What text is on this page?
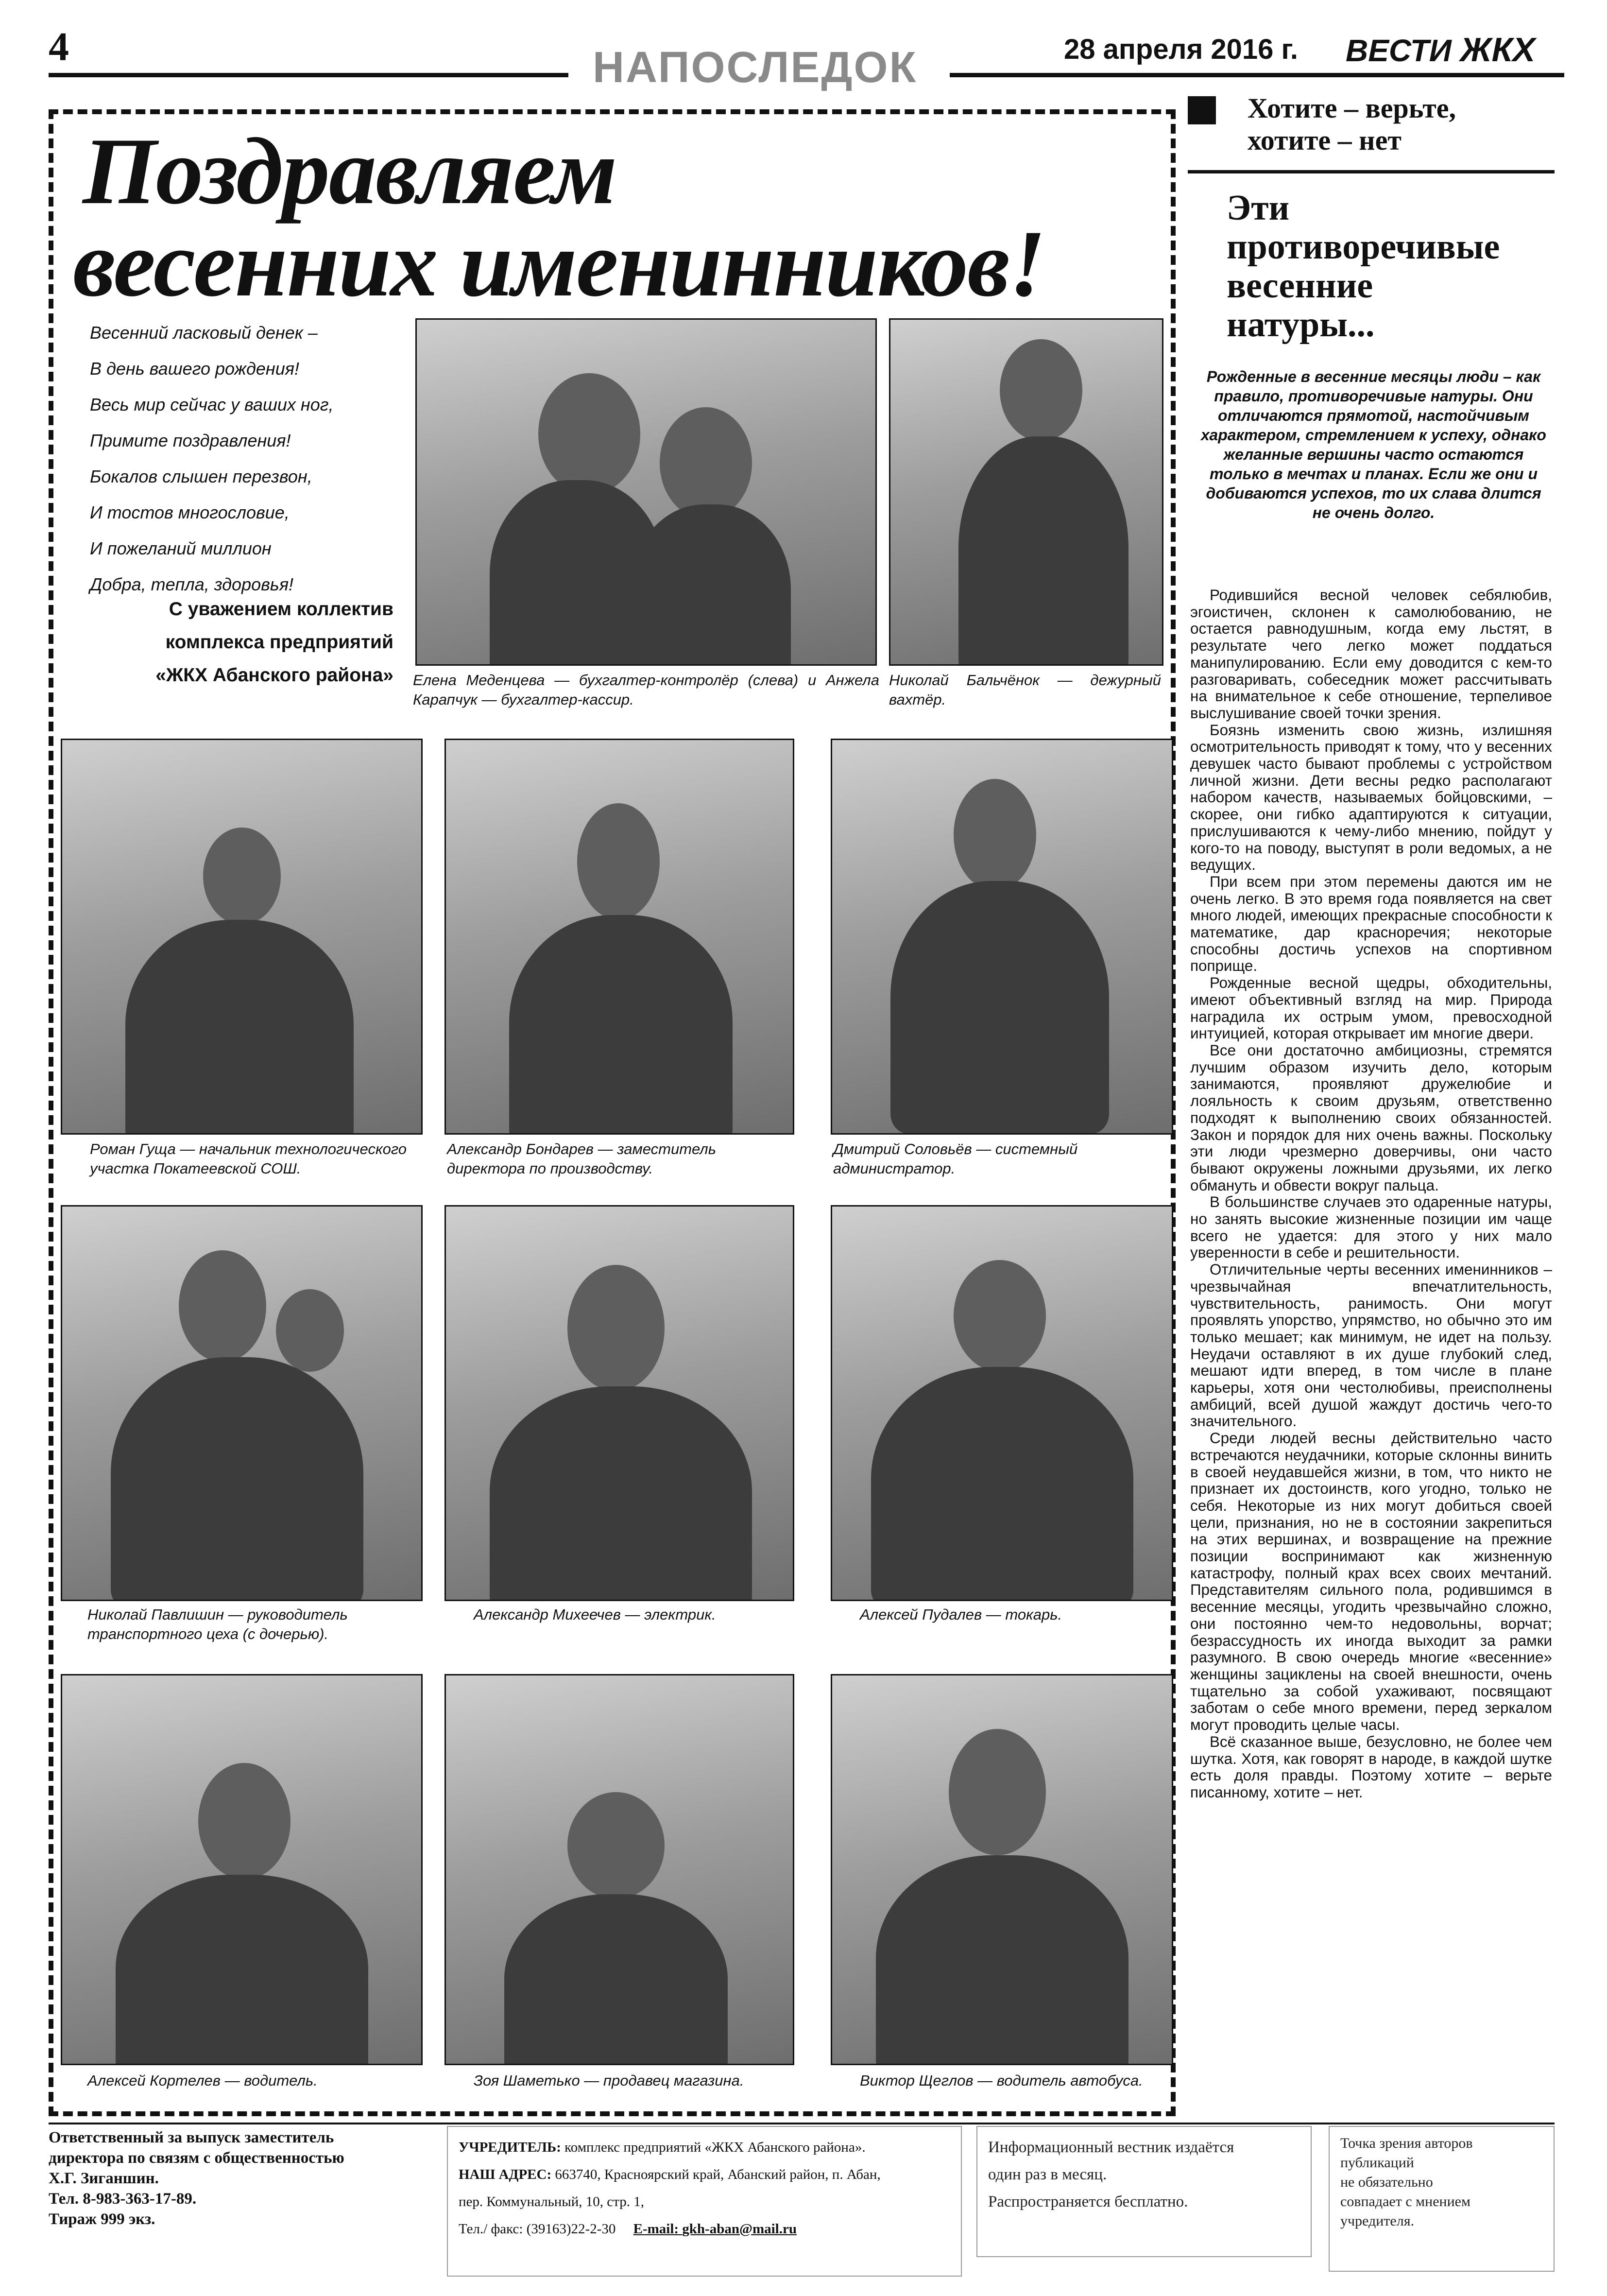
4	НАПОСЛЕДОК	28 апреля 2016 г. ВЕСТИ ЖКХ
Поздравляем
весенних именинников!
Весенний ласковый денек –
В день вашего рождения!
Весь мир сейчас у ваших ног,
Примите поздравления!
Бокалов слышен перезвон,
И тостов многословие,
И пожеланий миллион
Добра, тепла, здоровья!
С уважением коллектив
комплекса предприятий
«ЖКХ Абанского района» Елена Меденцева — бухгалтер-контролёр (слева) и Анжела Карапчук — бухгалтер-кассир.
Николай Бальчёнок — дежурный вахтёр.
Роман Гуща — начальник технологического участка Покатеевской СОШ.
Александр Бондарев — заместитель директора по производству.
Дмитрий Соловьёв — системный администратор.
Николай Павлишин — руководитель транспортного цеха (с дочерью).
Александр Михеечев — электрик.	Алексей Пудалев — токарь.
Алексей Кортелев — водитель.	Зоя Шаметько — продавец магазина.	Виктор Щеглов — водитель автобуса.
Хотите – верьте, хотите – нет
Эти противоречивые весенние натуры...
Рожденные в весенние месяцы люди – как правило, противоречивые натуры. Они отличаются прямотой, настойчивым характером, стремлением к успеху, однако желанные вершины часто остаются только в мечтах и планах. Если же они и добиваются успехов, то их слава длится не очень долго.

Родившийся весной человек себялюбив, эгоистичен, склонен к самолюбованию, не остается равнодушным, когда ему льстят, в результате чего легко может поддаться манипулированию. Если ему доводится с кем-то разговаривать, собеседник может рассчитывать на внимательное к себе отношение, терпеливое выслушивание своей точки зрения.

Боязнь изменить свою жизнь, излишняя осмотрительность приводят к тому, что у весенних девушек часто бывают проблемы с устройством личной жизни. Дети весны редко располагают набором качеств, называемых бойцовскими, – скорее, они гибко адаптируются к ситуации, прислушиваются к чему-либо мнению, пойдут у кого-то на поводу, выступят в роли ведомых, а не ведущих.

При всем при этом перемены даются им не очень легко. В это время года появляется на свет много людей, имеющих прекрасные способности к математике, дар красноречия; некоторые способны достичь успехов на спортивном поприще.

Рожденные весной щедры, обходительны, имеют объективный взгляд на мир. Природа наградила их острым умом, превосходной интуицией, которая открывает им многие двери.

Все они достаточно амбициозны, стремятся лучшим образом изучить дело, которым занимаются, проявляют дружелюбие и лояльность к своим друзьям, ответственно подходят к выполнению своих обязанностей. Закон и порядок для них очень важны. Поскольку эти люди чрезмерно доверчивы, они часто бывают окружены ложными друзьями, их легко обмануть и обвести вокруг пальца.

В большинстве случаев это одаренные натуры, но занять высокие жизненные позиции им чаще всего не удается: для этого у них мало уверенности в себе и решительности.

Отличительные черты весенних именинников – чрезвычайная впечатлительность, чувствительность, ранимость. Они могут проявлять упорство, упрямство, но обычно это им только мешает; как минимум, не идет на пользу. Неудачи оставляют в их душе глубокий след, мешают идти вперед, в том числе в плане карьеры, хотя они честолюбивы, преисполнены амбиций, всей душой жаждут достичь чего-то значительного.

Среди людей весны действительно часто встречаются неудачники, которые склонны винить в своей неудавшейся жизни, в том, что никто не признает их достоинств, кого угодно, только не себя. Некоторые из них могут добиться своей цели, признания, но не в состоянии закрепиться на этих вершинах, и возвращение на прежние позиции воспринимают как жизненную катастрофу, полный крах всех своих мечтаний. Представителям сильного пола, родившимся в весенние месяцы, угодить чрезвычайно сложно, они постоянно чем-то недовольны, ворчат; безрассудность их иногда выходит за рамки разумного. В свою очередь многие «весенние» женщины зациклены на своей внешности, очень тщательно за собой ухаживают, посвящают заботам о себе много времени, перед зеркалом могут проводить целые часы.

Всё сказанное выше, безусловно, не более чем шутка. Хотя, как говорят в народе, в каждой шутке есть доля правды. Поэтому хотите – верьте писанному, хотите – нет.

Ответственный за выпуск заместитель
директора по связям с общественностью
Х.Г. Зиганшин.
Тел. 8-983-363-17-89.
Тираж 999 экз.
УЧРЕДИТЕЛЬ: комплекс предприятий «ЖКХ Абанского района».
НАШ АДРЕС: 663740, Красноярский край, Абанский район, п. Абан,
пер. Коммунальный, 10, стр. 1,
Тел./ факс: (39163)22-2-30 E-mail: gkh-aban@mail.ru
Информационный вестник издаётся
один раз в месяц.
Распространяется бесплатно.
Точка зрения авторов
публикаций
не обязательно
совпадает с мнением
учредителя.
